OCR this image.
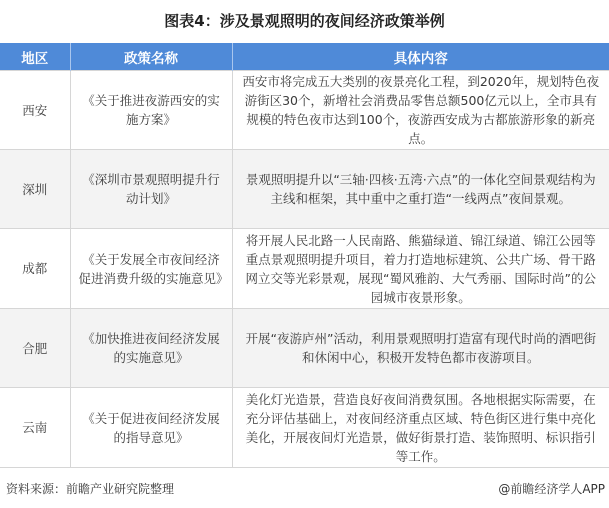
图表4：涉及景观照明的夜间经济政策举例
地区	政策名称	具体内容
西安	《关于推进夜游西安的实施方案》	西安市将完成五大类别的夜景亮化工程，到2020年，规划特色夜游街区30个，新增社会消费品零售总额500亿元以上，全市具有规模的特色夜市达到100个，夜游西安成为古都旅游形象的新亮点。
深圳	《深圳市景观照明提升行动计划》	景观照明提升以“三轴·四核·五湾·六点”的一体化空间景观结构为主线和框架，其中重中之重打造“一线两点”夜间景观。
成都	《关于发展全市夜间经济促进消费升级的实施意见》	将开展人民北路一人民南路、熊猫绿道、锦江绿道、锦江公园等重点景观照明提升项目，着力打造地标建筑、公共广场、骨干路网立交等光彩景观，展现“蜀风雅韵、大气秀丽、国际时尚”的公园城市夜景形象。
合肥	《加快推进夜间经济发展的实施意见》	开展“夜游庐州”活动，利用景观照明打造富有现代时尚的酒吧街和休闲中心，积极开发特色都市夜游项目。
云南	《关于促进夜间经济发展的指导意见》	美化灯光造景，营造良好夜间消费氛围。各地根据实际需要，在充分评估基础上，对夜间经济重点区域、特色街区进行集中亮化美化，开展夜间灯光造景，做好街景打造、装饰照明、标识指引等工作。
资料来源：前瞻产业研究院整理	@前瞻经济学人APP
